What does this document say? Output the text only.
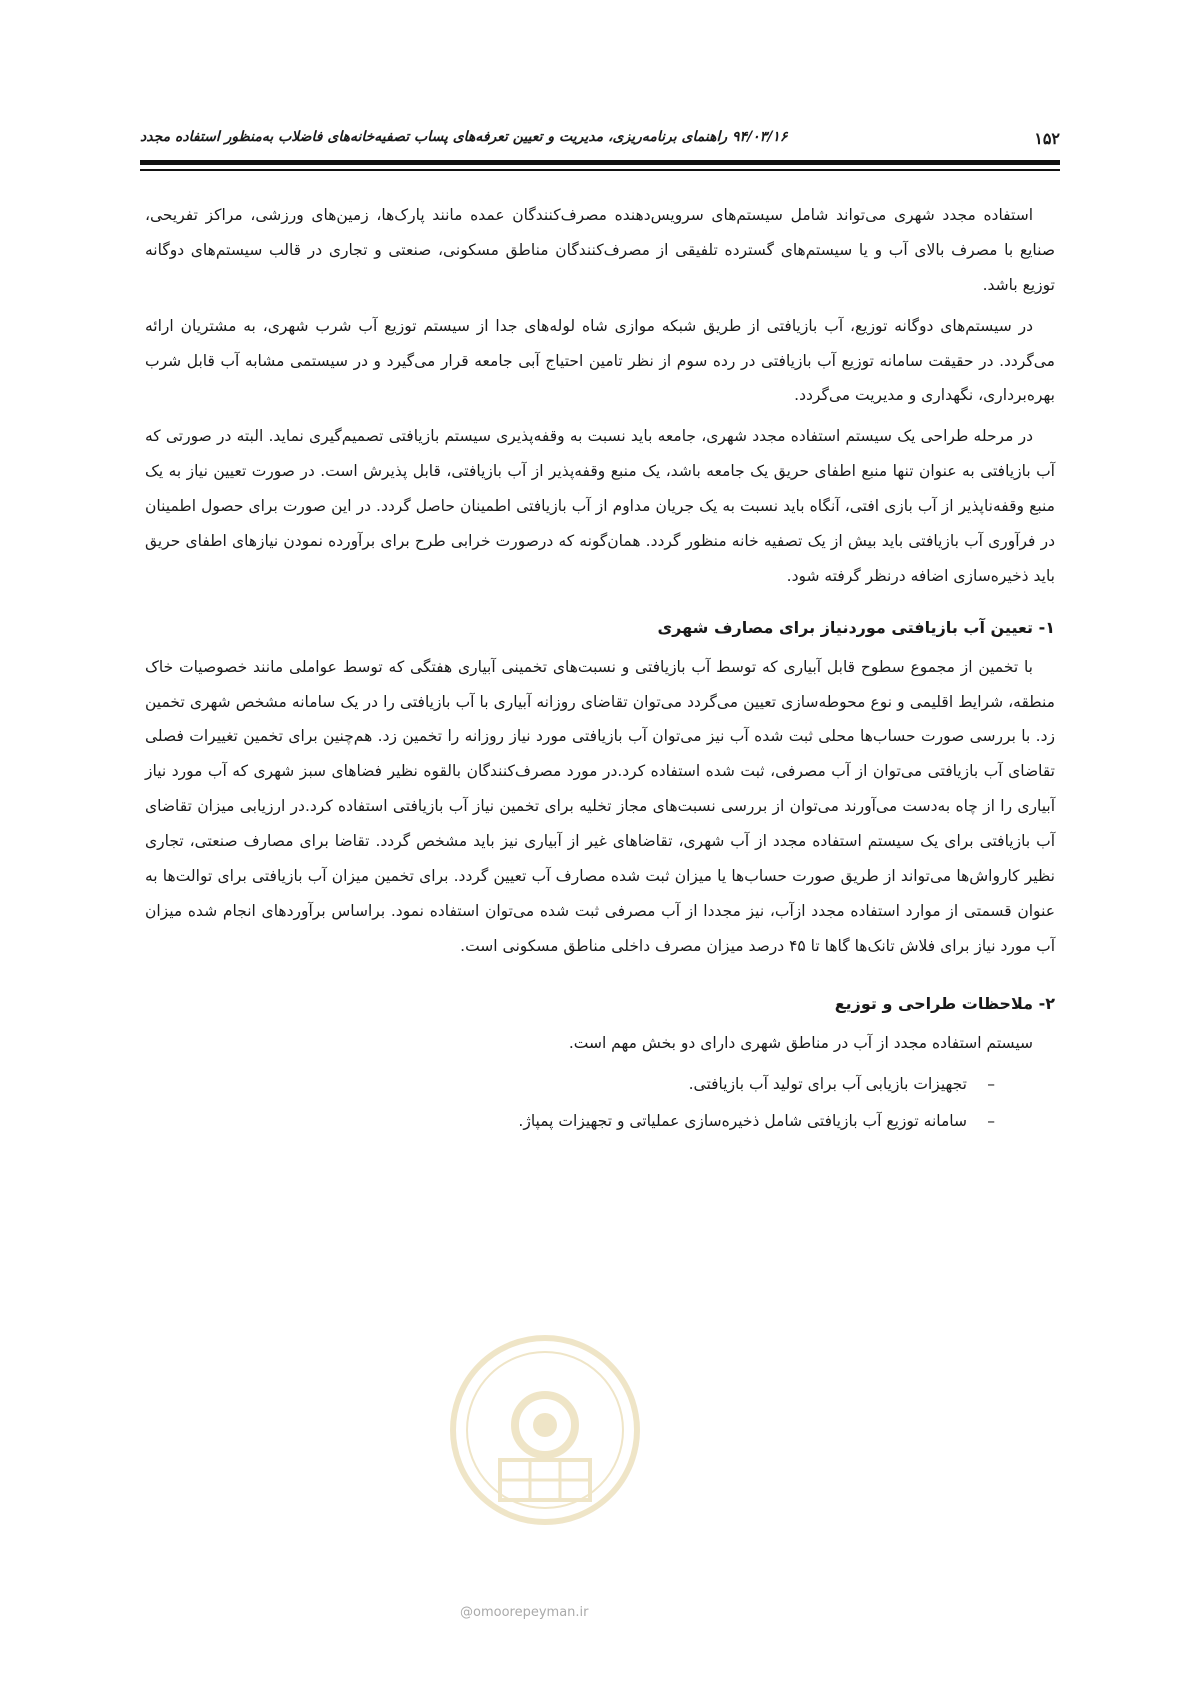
۱۵۲
۹۴/۰۳/۱۶ راهنمای برنامه‌ریزی، مدیریت و تعیین تعرفه‌های پساب تصفیه‌خانه‌های فاضلاب به‌منظور استفاده مجدد

استفاده مجدد شهری می‌تواند شامل سیستم‌های سرویس‌دهنده مصرف‌کنندگان عمده مانند پارک‌ها، زمین‌های ورزشی، مراکز تفریحی، صنایع با مصرف بالای آب و یا سیستم‌های گسترده تلفیقی از مصرف‌کنندگان مناطق مسکونی، صنعتی و تجاری در قالب سیستم‌های دوگانه توزیع باشد.

در سیستم‌های دوگانه توزیع، آب بازیافتی از طریق شبکه موازی شاه لوله‌های جدا از سیستم توزیع آب شرب شهری، به مشتریان ارائه می‌گردد. در حقیقت سامانه توزیع آب بازیافتی در رده سوم از نظر تامین احتیاج آبی جامعه قرار می‌گیرد و در سیستمی مشابه آب قابل شرب بهره‌برداری، نگهداری و مدیریت می‌گردد.

در مرحله طراحی یک سیستم استفاده مجدد شهری، جامعه باید نسبت به وقفه‌پذیری سیستم بازیافتی تصمیم‌گیری نماید. البته در صورتی که آب بازیافتی به عنوان تنها منبع اطفای حریق یک جامعه باشد، یک منبع وقفه‌پذیر از آب بازیافتی، قابل پذیرش است. در صورت تعیین نیاز به یک منبع وقفه‌ناپذیر از آب بازی افتی، آنگاه باید نسبت به یک جریان مداوم از آب بازیافتی اطمینان حاصل گردد. در این صورت برای حصول اطمینان در فرآوری آب بازیافتی باید بیش از یک تصفیه خانه منظور گردد. همان‌گونه که درصورت خرابی طرح برای برآورده نمودن نیازهای اطفای حریق باید ذخیره‌سازی اضافه درنظر گرفته شود.

۱- تعیین آب بازیافتی موردنیاز برای مصارف شهری

با تخمین از مجموع سطوح قابل آبیاری که توسط آب بازیافتی و نسبت‌های تخمینی آبیاری هفتگی که توسط عواملی مانند خصوصیات خاک منطقه، شرایط اقلیمی و نوع محوطه‌سازی تعیین می‌گردد می‌توان تقاضای روزانه آبیاری با آب بازیافتی را در یک سامانه مشخص شهری تخمین زد. با بررسی صورت حساب‌ها محلی ثبت شده آب نیز می‌توان آب بازیافتی مورد نیاز روزانه را تخمین زد. هم‌چنین برای تخمین تغییرات فصلی تقاضای آب بازیافتی می‌توان از آب مصرفی، ثبت شده استفاده کرد.در مورد مصرف‌کنندگان بالقوه نظیر فضاهای سبز شهری که آب مورد نیاز آبیاری را از چاه به‌دست می‌آورند می‌توان از بررسی نسبت‌های مجاز تخلیه برای تخمین نیاز آب بازیافتی استفاده کرد.در ارزیابی میزان تقاضای آب بازیافتی برای یک سیستم استفاده مجدد از آب شهری، تقاضاهای غیر از آبیاری نیز باید مشخص گردد. تقاضا برای مصارف صنعتی، تجاری نظیر کارواش‌ها می‌تواند از طریق صورت حساب‌ها یا میزان ثبت شده مصارف آب تعیین گردد. برای تخمین میزان آب بازیافتی برای توالت‌ها به عنوان قسمتی از موارد استفاده مجدد ازآب، نیز مجددا از آب مصرفی ثبت شده می‌توان استفاده نمود. براساس برآوردهای انجام شده میزان آب مورد نیاز برای فلاش تانک‌ها گاها تا ۴۵ درصد میزان مصرف داخلی مناطق مسکونی است.

۲- ملاحظات طراحی و توزیع

سیستم استفاده مجدد از آب در مناطق شهری دارای دو بخش مهم است.

–تجهیزات بازیابی آب برای تولید آب بازیافتی.
–سامانه توزیع آب بازیافتی شامل ذخیره‌سازی عملیاتی و تجهیزات پمپاژ.
@omoorepeyman.ir
